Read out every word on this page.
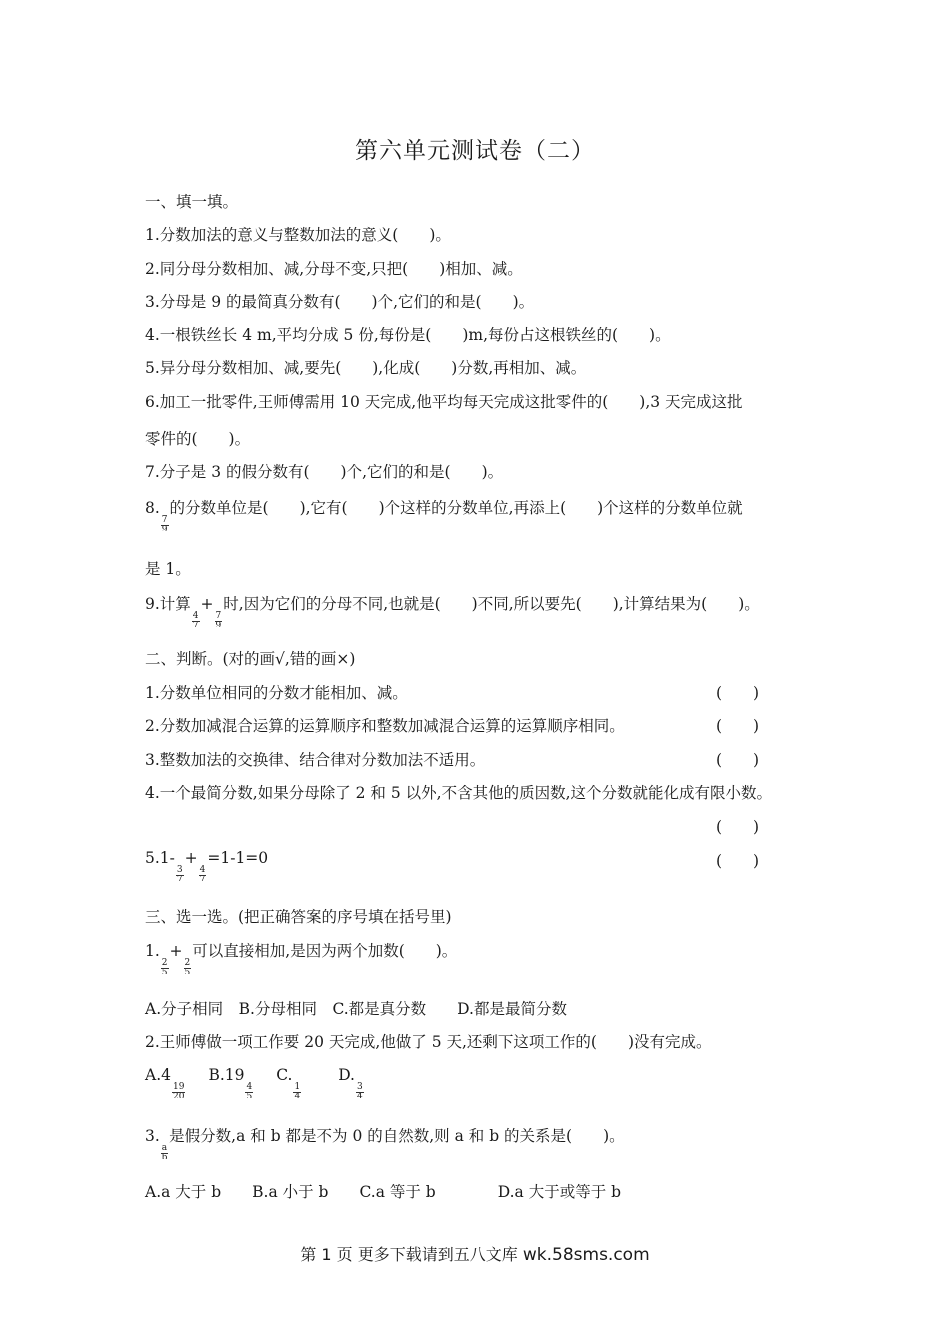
第六单元测试卷（二）
一、填一填。
1.分数加法的意义与整数加法的意义(　　)。
2.同分母分数相加、减,分母不变,只把(　　)相加、减。
3.分母是 9 的最简真分数有(　　)个,它们的和是(　　)。
4.一根铁丝长 4 m,平均分成 5 份,每份是(　　)m,每份占这根铁丝的(　　)。
5.异分母分数相加、减,要先(　　),化成(　　)分数,再相加、减。
6.加工一批零件,王师傅需用 10 天完成,他平均每天完成这批零件的(　　),3 天完成这批
零件的(　　)。
7.分子是 3 的假分数有(　　)个,它们的和是(　　)。
8.
$\frac{7}{9}$
的分数单位是(　　),它有(　　)个这样的分数单位,再添上(　　)个这样的分数单位就
是 1。
9.计算
$\frac{4}{7}$
+
$\frac{7}{9}$
时,因为它们的分母不同,也就是(　　)不同,所以要先(　　),计算结果为(　　)。
二、判断。(对的画√,错的画×)
1.分数单位相同的分数才能相加、减。	(　　)
2.分数加减混合运算的运算顺序和整数加减混合运算的运算顺序相同。	(　　)
3.整数加法的交换律、结合律对分数加法不适用。	(　　)
4.一个最简分数,如果分母除了 2 和 5 以外,不含其他的质因数,这个分数就能化成有限小数。
(　　)
5.1-
$\frac{3}{7}$
+
$\frac{4}{7}$
=1-1=0	(　　)
三、选一选。(把正确答案的序号填在括号里)
1.
$\frac{2}{5}$
+
$\frac{2}{5}$
可以直接相加,是因为两个加数(　　)。
A.分子相同　B.分母相同　C.都是真分数　　D.都是最简分数
2.王师傅做一项工作要 20 天完成,他做了 5 天,还剩下这项工作的(　　)没有完成。
A.4
$\frac{19}{20}$
B.19
$\frac{4}{5}$
C.
$\frac{1}{4}$
D.
$\frac{3}{4}$
3.
$\frac{a}{b}$
是假分数,a 和 b 都是不为 0 的自然数,则 a 和 b 的关系是(　　)。
A.a 大于 b　　B.a 小于 b　　C.a 等于 b　　　　D.a 大于或等于 b
第 1 页 更多下载请到五八文库 wk.58sms.com
